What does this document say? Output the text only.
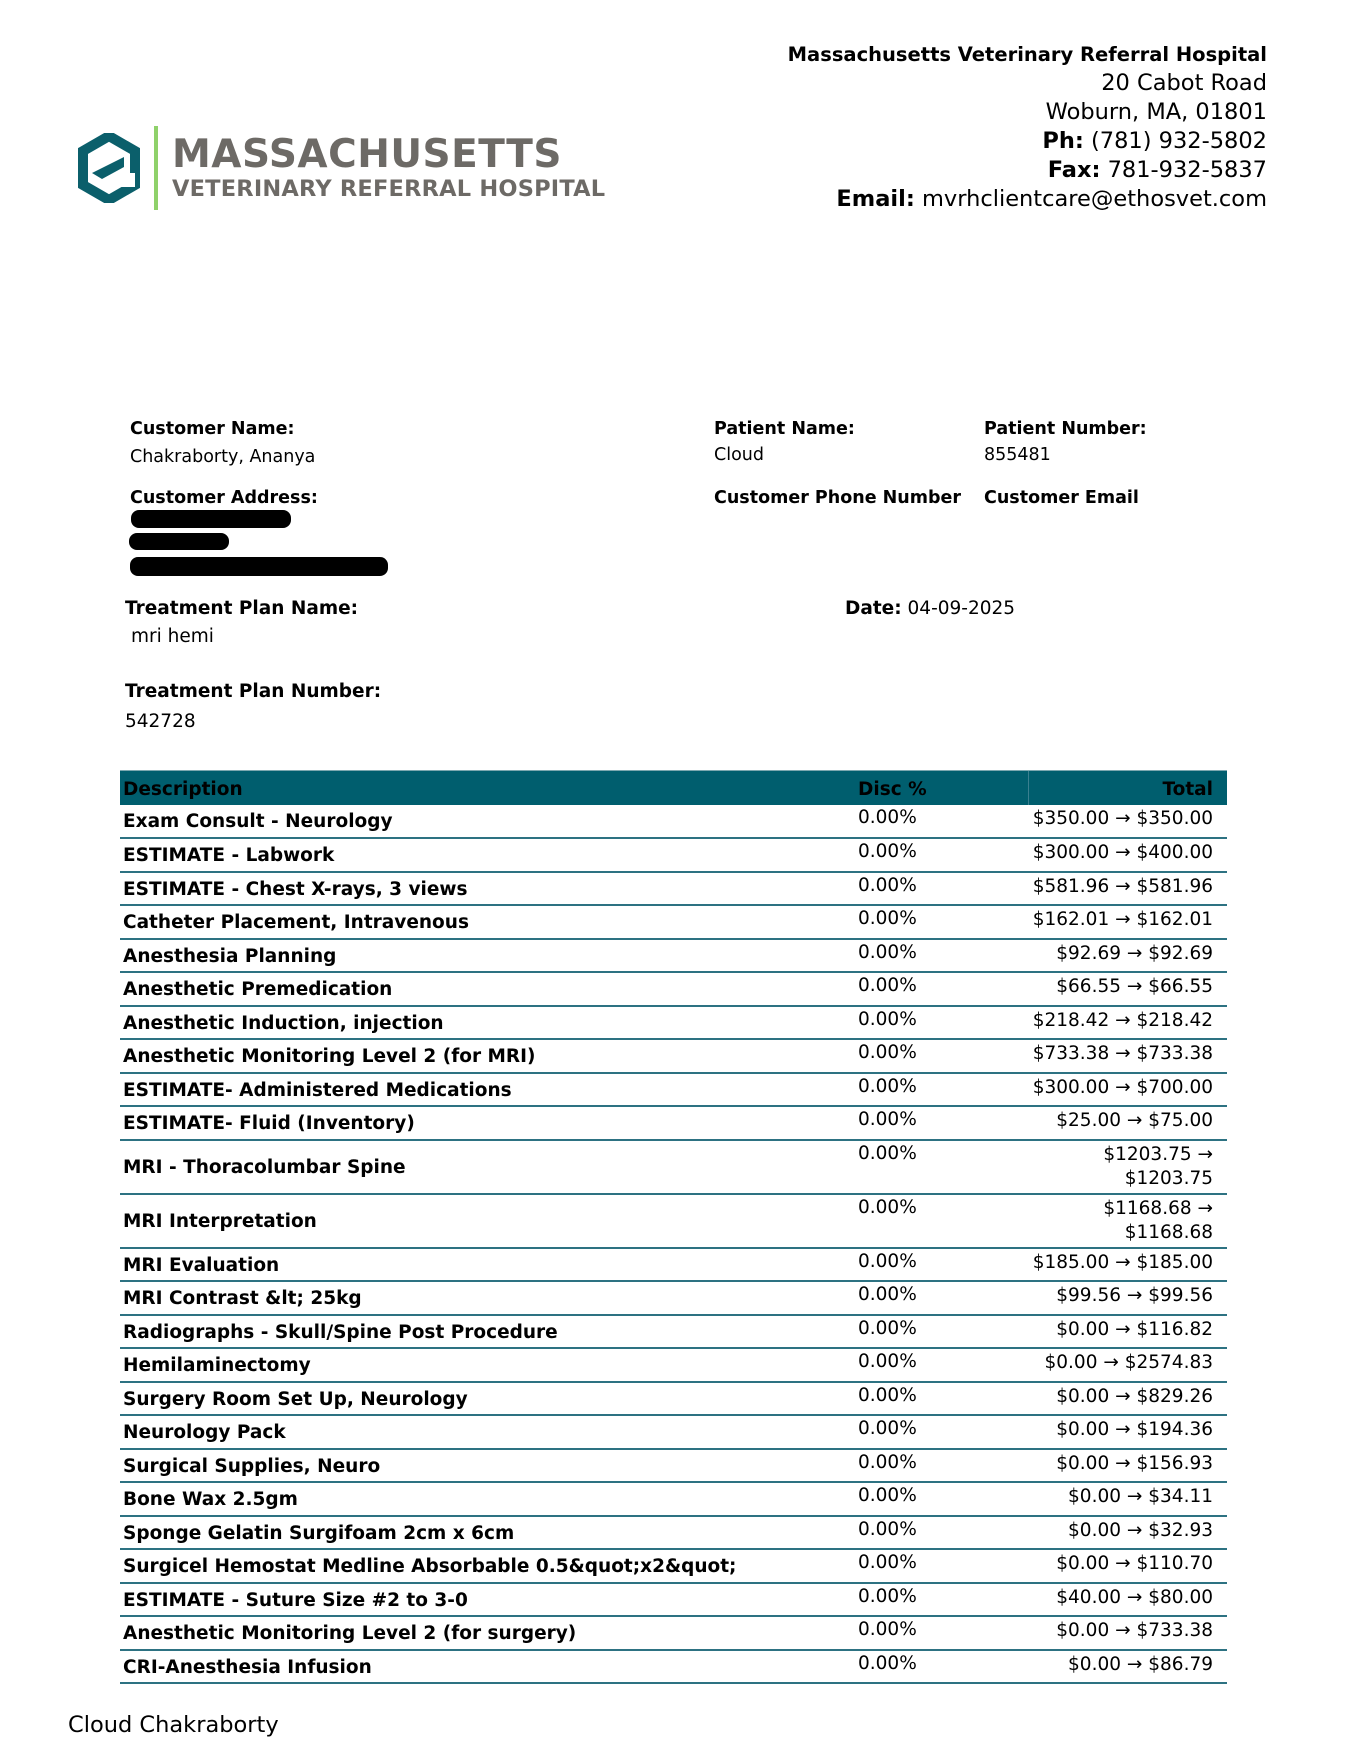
MASSACHUSETTS
VETERINARY REFERRAL HOSPITAL
Massachusetts Veterinary Referral Hospital
20 Cabot Road
Woburn, MA, 01801
Ph: (781) 932-5802
Fax: 781-932-5837
Email: mvrhclientcare@ethosvet.com
Customer Name:
Chakraborty, Ananya
Patient Name:
Cloud
Patient Number:
855481
Customer Address:	Customer Phone Number Customer Email
Treatment Plan Name:
mri hemi
Date: 04-09-2025
Treatment Plan Number:
542728
Description	Disc %	Total
Exam Consult - Neurology	0.00%	$350.00 → $350.00
ESTIMATE - Labwork	0.00%	$300.00 → $400.00
ESTIMATE - Chest X-rays, 3 views	0.00%	$581.96 → $581.96
Catheter Placement, Intravenous	0.00%	$162.01 → $162.01
Anesthesia Planning	0.00%	$92.69 → $92.69
Anesthetic Premedication	0.00%	$66.55 → $66.55
Anesthetic Induction, injection	0.00%	$218.42 → $218.42
Anesthetic Monitoring Level 2 (for MRI)	0.00%	$733.38 → $733.38
ESTIMATE- Administered Medications	0.00%	$300.00 → $700.00
ESTIMATE- Fluid (Inventory)	0.00%	$25.00 → $75.00
MRI - Thoracolumbar Spine	0.00%	$1203.75 → $1203.75
MRI Interpretation	0.00%	$1168.68 → $1168.68
MRI Evaluation	0.00%	$185.00 → $185.00
MRI Contrast &lt; 25kg	0.00%	$99.56 → $99.56
Radiographs - Skull/Spine Post Procedure	0.00%	$0.00 → $116.82
Hemilaminectomy	0.00%	$0.00 → $2574.83
Surgery Room Set Up, Neurology	0.00%	$0.00 → $829.26
Neurology Pack	0.00%	$0.00 → $194.36
Surgical Supplies, Neuro	0.00%	$0.00 → $156.93
Bone Wax 2.5gm	0.00%	$0.00 → $34.11
Sponge Gelatin Surgifoam 2cm x 6cm	0.00%	$0.00 → $32.93
Surgicel Hemostat Medline Absorbable 0.5&quot;x2&quot;	0.00%	$0.00 → $110.70
ESTIMATE - Suture Size #2 to 3-0	0.00%	$40.00 → $80.00
Anesthetic Monitoring Level 2 (for surgery)	0.00%	$0.00 → $733.38
CRI-Anesthesia Infusion	0.00%	$0.00 → $86.79
Cloud Chakraborty
